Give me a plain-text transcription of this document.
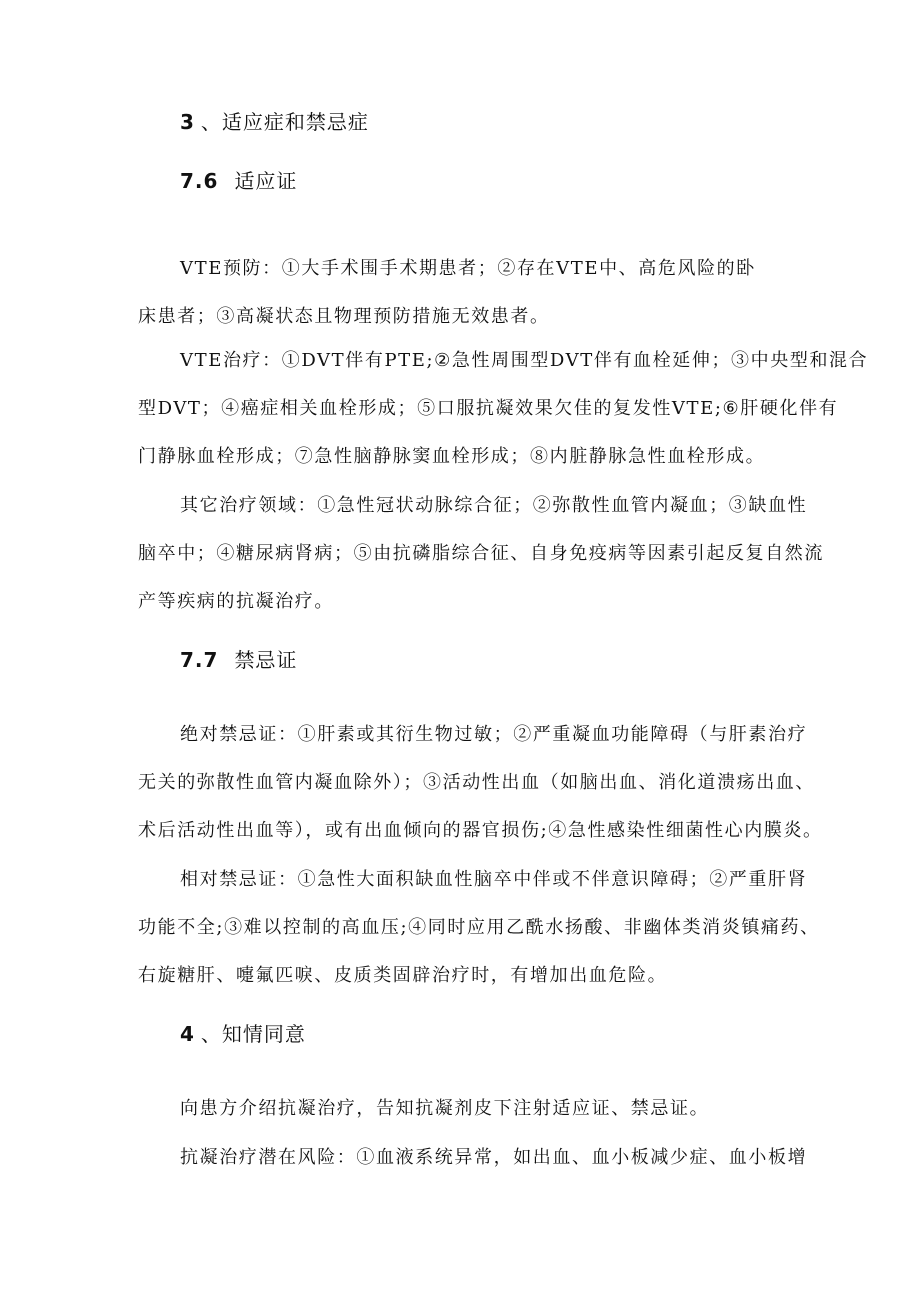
3 、适应症和禁忌症
7.6 适应证
VTE预防：①大手术围手术期患者；②存在VTE中、高危风险的卧
床患者；③高凝状态且物理预防措施无效患者。
VTE治疗：①DVT伴有PTE;②急性周围型DVT伴有血栓延伸；③中央型和混合
型DVT；④癌症相关血栓形成；⑤口服抗凝效果欠佳的复发性VTE;⑥肝硬化伴有
门静脉血栓形成；⑦急性脑静脉窦血栓形成；⑧内脏静脉急性血栓形成。
其它治疗领域：①急性冠状动脉综合征；②弥散性血管内凝血；③缺血性
脑卒中；④糖尿病肾病；⑤由抗磷脂综合征、自身免疫病等因素引起反复自然流
产等疾病的抗凝治疗。
7.7 禁忌证
绝对禁忌证：①肝素或其衍生物过敏；②严重凝血功能障碍（与肝素治疗
无关的弥散性血管内凝血除外）；③活动性出血（如脑出血、消化道溃疡出血、
术后活动性出血等），或有出血倾向的器官损伤;④急性感染性细菌性心内膜炎。
相对禁忌证：①急性大面积缺血性脑卒中伴或不伴意识障碍；②严重肝肾
功能不全;③难以控制的高血压;④同时应用乙酰水扬酸、非幽体类消炎镇痛药、
右旋糖肝、嚏氟匹唳、皮质类固辟治疗时，有增加出血危险。
4 、知情同意
向患方介绍抗凝治疗，告知抗凝剂皮下注射适应证、禁忌证。
抗凝治疗潜在风险：①血液系统异常，如出血、血小板减少症、血小板增
